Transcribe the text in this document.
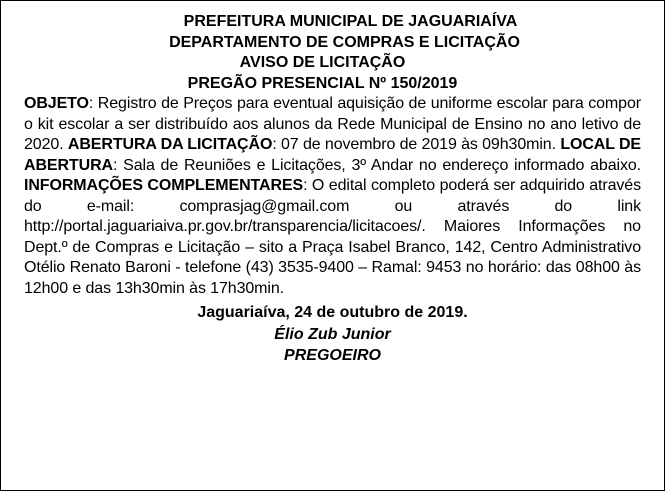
PREFEITURA MUNICIPAL DE JAGUARIAÍVA
DEPARTAMENTO DE COMPRAS E LICITAÇÃO
AVISO DE LICITAÇÃO
PREGÃO PRESENCIAL Nº 150/2019
OBJETO: Registro de Preços para eventual aquisição de uniforme escolar para compor o kit escolar a ser distribuído aos alunos da Rede Municipal de Ensino no ano letivo de 2020. ABERTURA DA LICITAÇÃO: 07 de novembro de 2019 às 09h30min. LOCAL DE ABERTURA: Sala de Reuniões e Licitações, 3º Andar no endereço informado abaixo. INFORMAÇÕES COMPLEMENTARES: O edital completo poderá ser adquirido através do e-mail: comprasjag@gmail.com ou através do link http://portal.jaguariaiva.pr.gov.br/transparencia/licitacoes/. Maiores Informações no Dept.º de Compras e Licitação – sito a Praça Isabel Branco, 142, Centro Administrativo Otélio Renato Baroni - telefone (43) 3535-9400 – Ramal: 9453 no horário: das 08h00 às 12h00 e das 13h30min às 17h30min.
Jaguariaíva, 24 de outubro de 2019.
Élio Zub Junior
PREGOEIRO
